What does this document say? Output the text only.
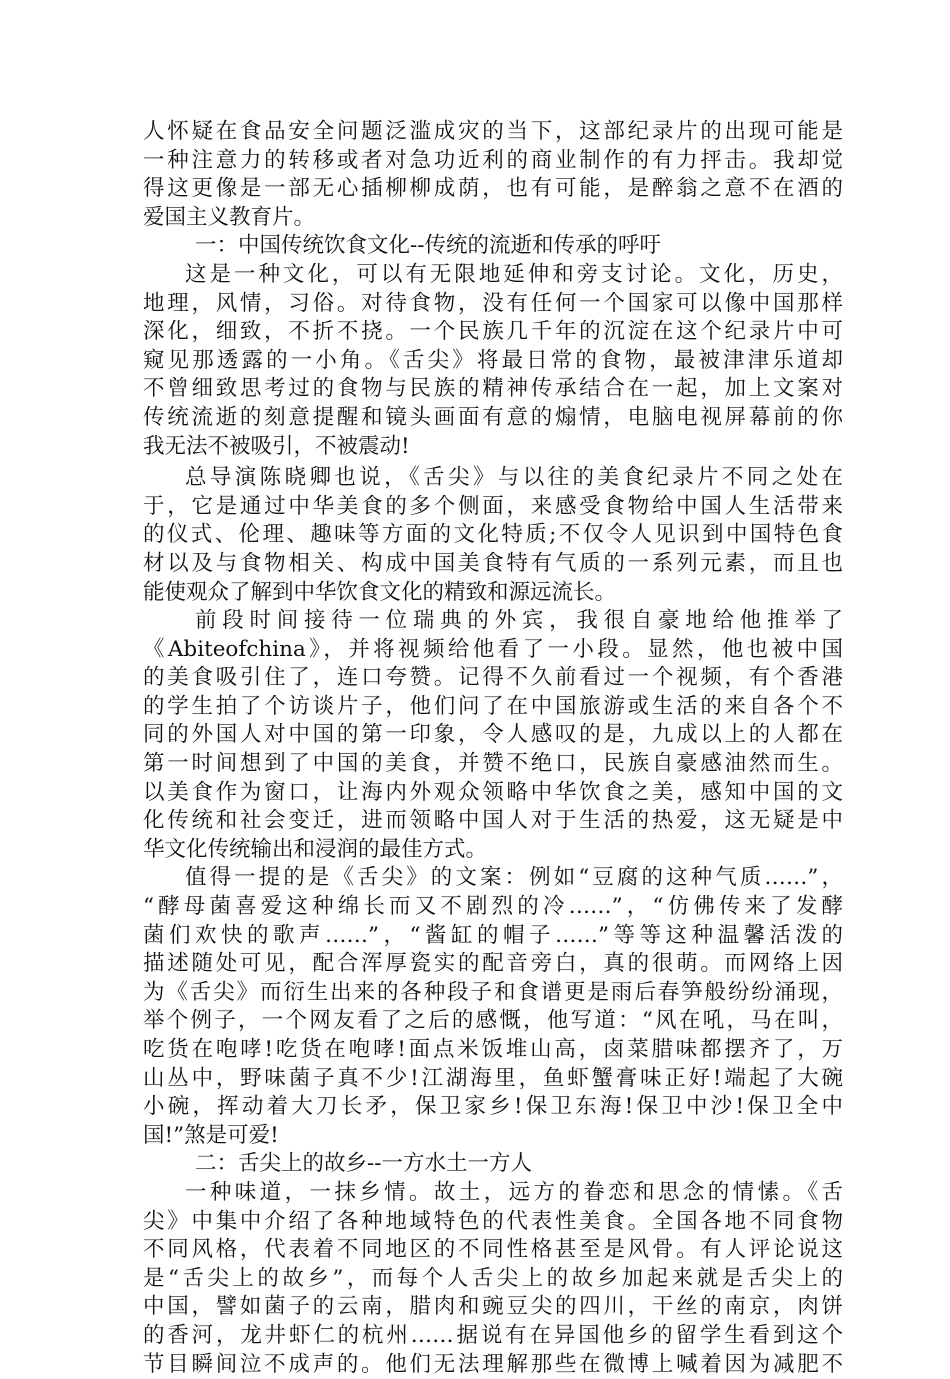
人怀疑在食品安全问题泛滥成灾的当下，这部纪录片的出现可能是
一种注意力的转移或者对急功近利的商业制作的有力抨击。我却觉
得这更像是一部无心插柳柳成荫，也有可能，是醉翁之意不在酒的
爱国主义教育片。
一：中国传统饮食文化--传统的流逝和传承的呼吁
这是一种文化，可以有无限地延伸和旁支讨论。文化，历史，
地理，风情，习俗。对待食物，没有任何一个国家可以像中国那样
深化，细致，不折不挠。一个民族几千年的沉淀在这个纪录片中可
窥见那透露的一小角。《舌尖》将最日常的食物，最被津津乐道却
不曾细致思考过的食物与民族的精神传承结合在一起，加上文案对
传统流逝的刻意提醒和镜头画面有意的煽情，电脑电视屏幕前的你
我无法不被吸引，不被震动!
总导演陈晓卿也说，《舌尖》与以往的美食纪录片不同之处在
于，它是通过中华美食的多个侧面，来感受食物给中国人生活带来
的仪式、伦理、趣味等方面的文化特质;不仅令人见识到中国特色食
材以及与食物相关、构成中国美食特有气质的一系列元素，而且也
能使观众了解到中华饮食文化的精致和源远流长。
前段时间接待一位瑞典的外宾，我很自豪地给他推举了
《Abiteofchina》，并将视频给他看了一小段。显然，他也被中国
的美食吸引住了，连口夸赞。记得不久前看过一个视频，有个香港
的学生拍了个访谈片子，他们问了在中国旅游或生活的来自各个不
同的外国人对中国的第一印象，令人感叹的是，九成以上的人都在
第一时间想到了中国的美食，并赞不绝口，民族自豪感油然而生。
以美食作为窗口，让海内外观众领略中华饮食之美，感知中国的文
化传统和社会变迁，进而领略中国人对于生活的热爱，这无疑是中
华文化传统输出和浸润的最佳方式。
值得一提的是《舌尖》的文案：例如“豆腐的这种气质……”，
“酵母菌喜爱这种绵长而又不剧烈的冷……”，“仿佛传来了发酵
菌们欢快的歌声……”，“酱缸的帽子……”等等这种温馨活泼的
描述随处可见，配合浑厚瓷实的配音旁白，真的很萌。而网络上因
为《舌尖》而衍生出来的各种段子和食谱更是雨后春笋般纷纷涌现，
举个例子，一个网友看了之后的感慨，他写道：“风在吼，马在叫，
吃货在咆哮!吃货在咆哮!面点米饭堆山高，卤菜腊味都摆齐了，万
山丛中，野味菌子真不少!江湖海里，鱼虾蟹膏味正好!端起了大碗
小碗，挥动着大刀长矛，保卫家乡!保卫东海!保卫中沙!保卫全中
国!”煞是可爱!
二：舌尖上的故乡--一方水土一方人
一种味道，一抹乡情。故土，远方的眷恋和思念的情愫。《舌
尖》中集中介绍了各种地域特色的代表性美食。全国各地不同食物
不同风格，代表着不同地区的不同性格甚至是风骨。有人评论说这
是“舌尖上的故乡”，而每个人舌尖上的故乡加起来就是舌尖上的
中国，譬如菌子的云南，腊肉和豌豆尖的四川，干丝的南京，肉饼
的香河，龙井虾仁的杭州……据说有在异国他乡的留学生看到这个
节目瞬间泣不成声的。他们无法理解那些在微博上喊着因为减肥不
